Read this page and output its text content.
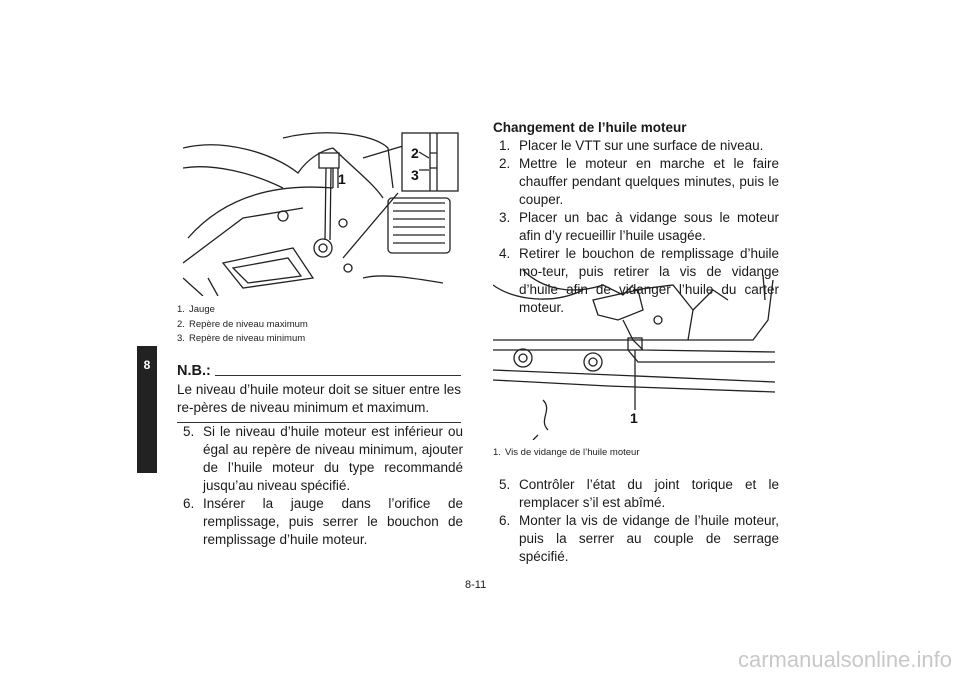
8
2
3
1
1. Jauge
2. Repère de niveau maximum
3. Repère de niveau minimum
N.B.:
Le niveau d’huile moteur doit se situer entre les re-pères de niveau minimum et maximum.
5. Si le niveau d’huile moteur est inférieur ou égal au repère de niveau minimum, ajouter de l’huile moteur du type recommandé jusqu’au niveau spécifié.
6. Insérer la jauge dans l’orifice de remplissage, puis serrer le bouchon de remplissage d’huile moteur.
Changement de l’huile moteur
1. Placer le VTT sur une surface de niveau.
2. Mettre le moteur en marche et le faire chauffer pendant quelques minutes, puis le couper.
3. Placer un bac à vidange sous le moteur afin d’y recueillir l’huile usagée.
4. Retirer le bouchon de remplissage d’huile mo-teur, puis retirer la vis de vidange d’huile afin de vidanger l’huile du carter moteur.
1
1. Vis de vidange de l’huile moteur
5. Contrôler l’état du joint torique et le remplacer s’il est abîmé.
6. Monter la vis de vidange de l’huile moteur, puis la serrer au couple de serrage spécifié.
8-11
carmanualsonline.info
